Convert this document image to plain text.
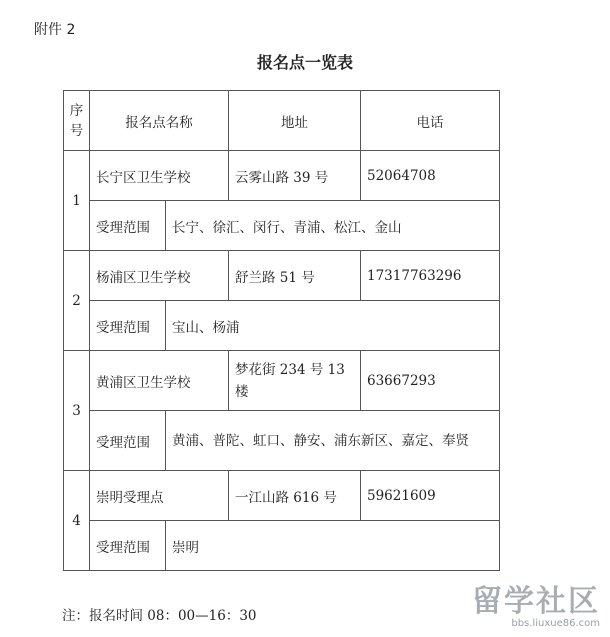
附件 2
报名点一览表
序号	报名点名称		地址	电话
1	长宁区卫生学校		云雾山路 39 号	52064708
	受理范围	长宁、徐汇、闵行、青浦、松江、金山		
2	杨浦区卫生学校		舒兰路 51 号	17317763296
	受理范围	宝山、杨浦		
3	黄浦区卫生学校		梦花街 234 号 13 楼	63667293
	受理范围	黄浦、普陀、虹口、静安、浦东新区、嘉定、奉贤		
4	崇明受理点		一江山路 616 号	59621609
	受理范围	崇明		
注：报名时间 08：00—16：30	留学社区
bbs.liuxue86.com
